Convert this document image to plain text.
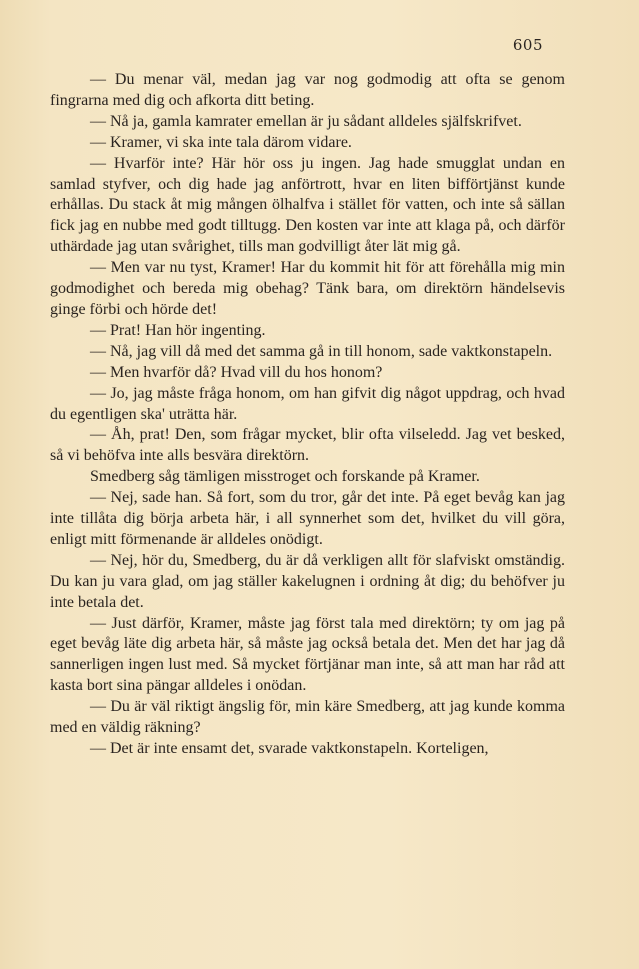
605

— Du menar väl, medan jag var nog godmodig att ofta se genom fingrarna med dig och afkorta ditt beting.

— Nå ja, gamla kamrater emellan är ju sådant alldeles själfskrifvet.

— Kramer, vi ska inte tala därom vidare.

— Hvarför inte? Här hör oss ju ingen. Jag hade smugglat undan en samlad styfver, och dig hade jag anförtrott, hvar en liten bifförtjänst kunde erhållas. Du stack åt mig mången ölhalfva i stället för vatten, och inte så sällan fick jag en nubbe med godt tilltugg. Den kosten var inte att klaga på, och därför uthärdade jag utan svårighet, tills man godvilligt åter lät mig gå.

— Men var nu tyst, Kramer! Har du kommit hit för att förehålla mig min godmodighet och bereda mig obehag? Tänk bara, om direktörn händelsevis ginge förbi och hörde det!

— Prat! Han hör ingenting.

— Nå, jag vill då med det samma gå in till honom, sade vaktkonstapeln.

— Men hvarför då? Hvad vill du hos honom?

— Jo, jag måste fråga honom, om han gifvit dig något uppdrag, och hvad du egentligen ska' uträtta här.

— Åh, prat! Den, som frågar mycket, blir ofta vilseledd. Jag vet besked, så vi behöfva inte alls besvära direktörn.

Smedberg såg tämligen misstroget och forskande på Kramer.

— Nej, sade han. Så fort, som du tror, går det inte. På eget bevåg kan jag inte tillåta dig börja arbeta här, i all synnerhet som det, hvilket du vill göra, enligt mitt förmenande är alldeles onödigt.

— Nej, hör du, Smedberg, du är då verkligen allt för slafviskt omständig. Du kan ju vara glad, om jag ställer kakelugnen i ordning åt dig; du behöfver ju inte betala det.

— Just därför, Kramer, måste jag först tala med direktörn; ty om jag på eget bevåg läte dig arbeta här, så måste jag också betala det. Men det har jag då sannerligen ingen lust med. Så mycket förtjänar man inte, så att man har råd att kasta bort sina pängar alldeles i onödan.

— Du är väl riktigt ängslig för, min käre Smedberg, att jag kunde komma med en väldig räkning?

— Det är inte ensamt det, svarade vaktkonstapeln. Korteligen,
